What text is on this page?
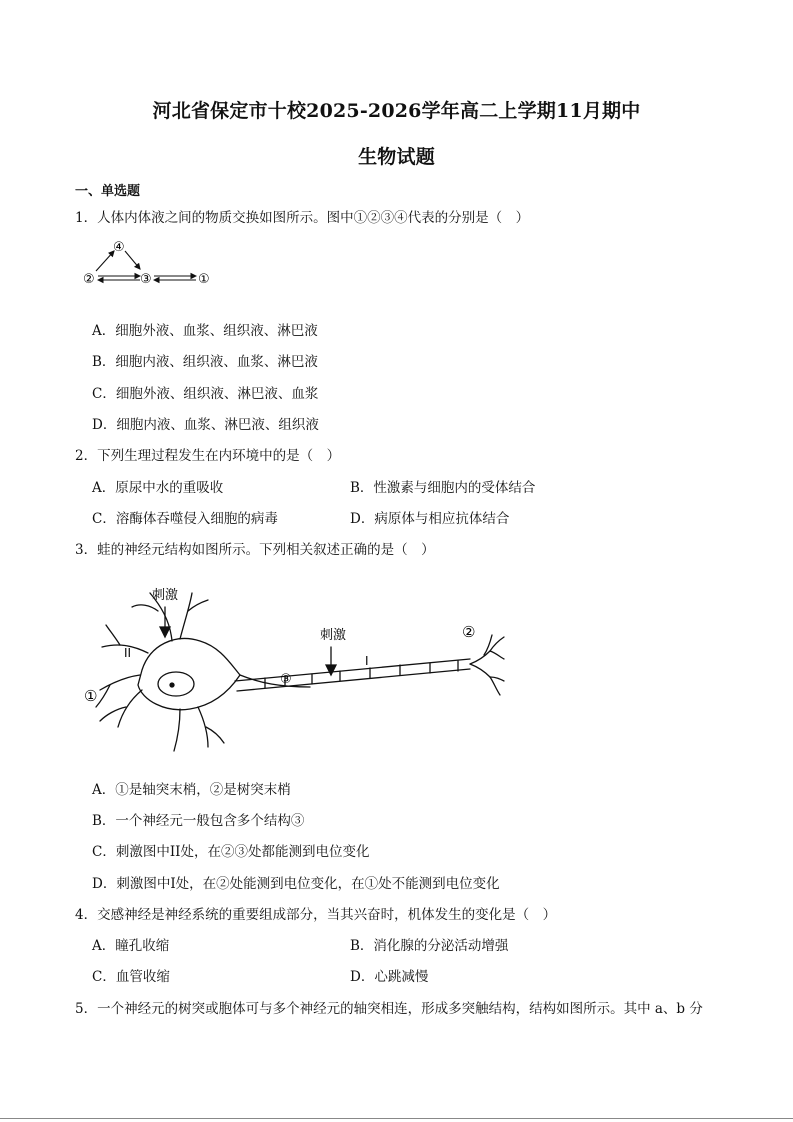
河北省保定市十校2025-2026学年高二上学期11月期中
生物试题
一、单选题
1．人体内体液之间的物质交换如图所示。图中①②③④代表的分别是（　）
④
②	③	①
A．细胞外液、血浆、组织液、淋巴液
B．细胞内液、组织液、血浆、淋巴液
C．细胞外液、组织液、淋巴液、血浆
D．细胞内液、血浆、淋巴液、组织液
2．下列生理过程发生在内环境中的是（　）
A．原尿中水的重吸收	B．性激素与细胞内的受体结合
C．溶酶体吞噬侵入细胞的病毒	D．病原体与相应抗体结合
3．蛙的神经元结构如图所示。下列相关叙述正确的是（　）
刺激
刺激
II
I
①
②
③
A．①是轴突末梢，②是树突末梢
B．一个神经元一般包含多个结构③
C．刺激图中II处，在②③处都能测到电位变化
D．刺激图中I处，在②处能测到电位变化，在①处不能测到电位变化
4．交感神经是神经系统的重要组成部分，当其兴奋时，机体发生的变化是（　）
A．瞳孔收缩	B．消化腺的分泌活动增强
C．血管收缩	D．心跳减慢
5．一个神经元的树突或胞体可与多个神经元的轴突相连，形成多突触结构，结构如图所示。其中 a、b 分
